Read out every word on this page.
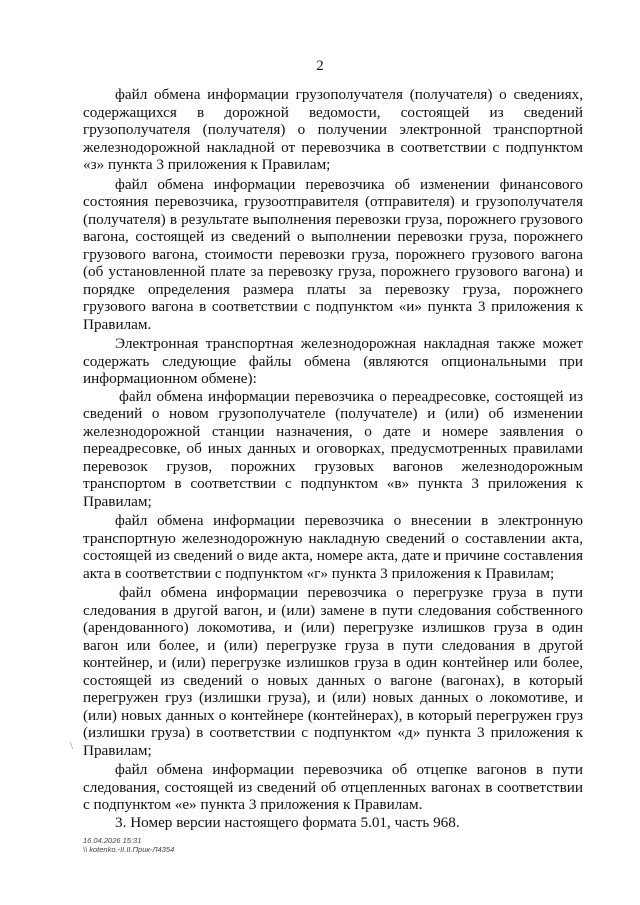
2

файл обмена информации грузополучателя (получателя) о сведениях, содержащихся в дорожной ведомости, состоящей из сведений грузополучателя (получателя) о получении электронной транспортной железнодорожной накладной от перевозчика в соответствии с подпунктом «з» пункта 3 приложения к Правилам;

файл обмена информации перевозчика об изменении финансового состояния перевозчика, грузоотправителя (отправителя) и грузополучателя (получателя) в результате выполнения перевозки груза, порожнего грузового вагона, состоящей из сведений о выполнении перевозки груза, порожнего грузового вагона, стоимости перевозки груза, порожнего грузового вагона (об установленной плате за перевозку груза, порожнего грузового вагона) и порядке определения размера платы за перевозку груза, порожнего грузового вагона в соответствии с подпунктом «и» пункта 3 приложения к Правилам.

Электронная транспортная железнодорожная накладная также может содержать следующие файлы обмена (являются опциональными при информационном обмене):

файл обмена информации перевозчика о переадресовке, состоящей из сведений о новом грузополучателе (получателе) и (или) об изменении железнодорожной станции назначения, о дате и номере заявления о переадресовке, об иных данных и оговорках, предусмотренных правилами перевозок грузов, порожних грузовых вагонов железнодорожным транспортом в соответствии с подпунктом «в» пункта 3 приложения к Правилам;

файл обмена информации перевозчика о внесении в электронную транспортную железнодорожную накладную сведений о составлении акта, состоящей из сведений о виде акта, номере акта, дате и причине составления акта в соответствии с подпунктом «г» пункта 3 приложения к Правилам;

файл обмена информации перевозчика о перегрузке груза в пути следования в другой вагон, и (или) замене в пути следования собственного (арендованного) локомотива, и (или) перегрузке излишков груза в один вагон или более, и (или) перегрузке груза в пути следования в другой контейнер, и (или) перегрузке излишков груза в один контейнер или более, состоящей из сведений о новых данных о вагоне (вагонах), в который перегружен груз (излишки груза), и (или) новых данных о локомотиве, и (или) новых данных о контейнере (контейнерах), в который перегружен груз (излишки груза) в соответствии с подпунктом «д» пункта 3 приложения к Правилам;

файл обмена информации перевозчика об отцепке вагонов в пути следования, состоящей из сведений об отцепленных вагонах в соответствии с подпунктом «е» пункта 3 приложения к Правилам.

3. Номер версии настоящего формата 5.01, часть 968.

\
16.04.2026 15:31
\\ kotenko.-II.II.Прик-Л4354
